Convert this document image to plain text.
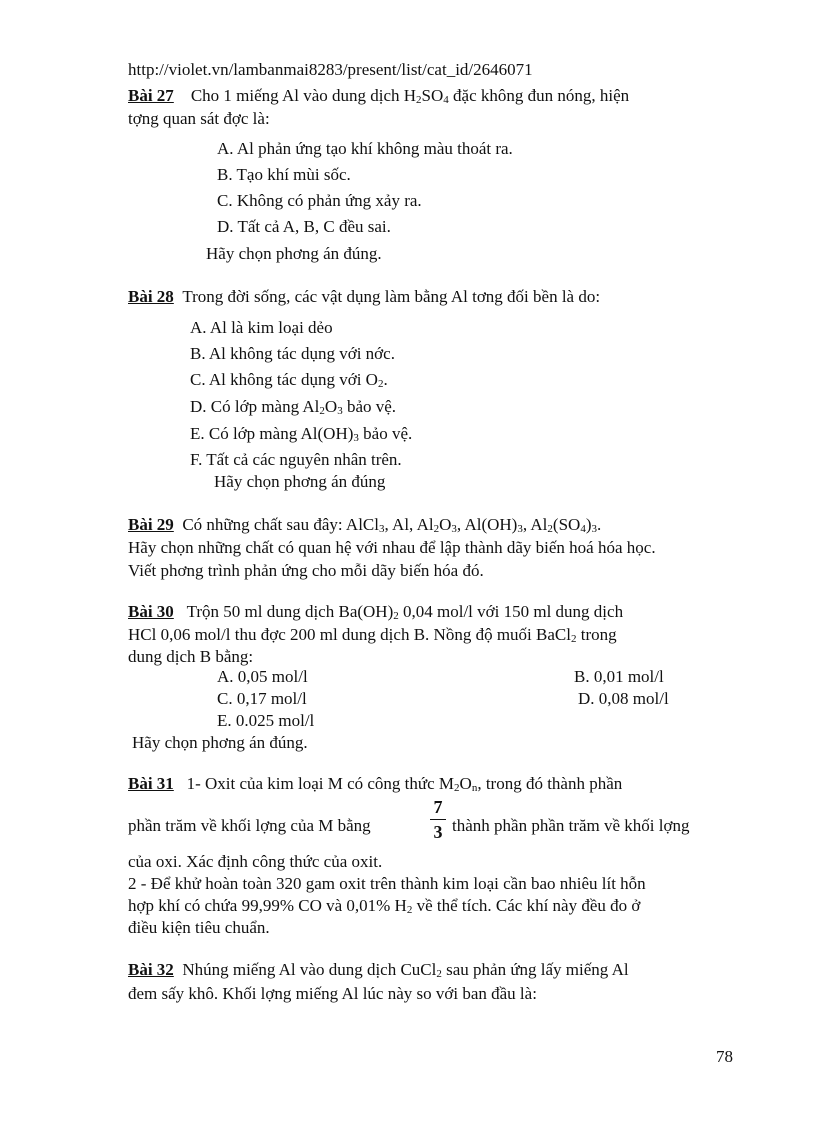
http://violet.vn/lambanmai8283/present/list/cat_id/2646071
Bài 27 Cho 1 miếng Al vào dung dịch $H_2SO_4$ đặc không đun nóng, hiện
tợng quan sát đợc là:
A. Al phản ứng tạo khí không màu thoát ra.
B. Tạo khí mùi sốc.
C. Không có phản ứng xảy ra.
D. Tất cả A, B, C đều sai.
Hãy chọn phơng án đúng.
Bài 28 Trong đời sống, các vật dụng làm bằng Al tơng đối bền là do:
A. Al là kim loại dẻo
B. Al không tác dụng với nớc.
C. Al không tác dụng với $O_2$.
D. Có lớp màng $Al_2O_3$ bảo vệ.
E. Có lớp màng $Al(OH)_3$ bảo vệ.
F. Tất cả các nguyên nhân trên.
Hãy chọn phơng án đúng
Bài 29 Có những chất sau đây: AlCl$_3$, Al, $Al_2O_3$, $Al(OH)_3$, $Al_2(SO_4)_3$.
Hãy chọn những chất có quan hệ với nhau để lập thành dãy biến hoá hóa học.
Viết phơng trình phản ứng cho mỗi dãy biến hóa đó.
Bài 30 Trộn 50 ml dung dịch $Ba(OH)_2$ 0,04 mol/l với 150 ml dung dịch
HCl 0,06 mol/l thu đợc 200 ml dung dịch B. Nồng độ muối BaCl$_2$ trong
dung dịch B bằng:
A. 0,05 mol/l	B. 0,01 mol/l
C. 0,17 mol/l	D. 0,08 mol/l
E. 0.025 mol/l
Hãy chọn phơng án đúng.
Bài 31 1- Oxit của kim loại M có công thức $M_2O_n$, trong đó thành phần
phần trăm về khối lợng của M bằng
7
3 thành phần phần trăm về khối lợng
của oxi. Xác định công thức của oxit.
2 - Để khử hoàn toàn 320 gam oxit trên thành kim loại cần bao nhiêu lít hỗn
hợp khí có chứa 99,99% CO và 0,01% $H_2$ về thể tích. Các khí này đều đo ở
điều kiện tiêu chuẩn.
Bài 32 Nhúng miếng Al vào dung dịch CuCl$_2$ sau phản ứng lấy miếng Al
đem sấy khô. Khối lợng miếng Al lúc này so với ban đầu là:
78
